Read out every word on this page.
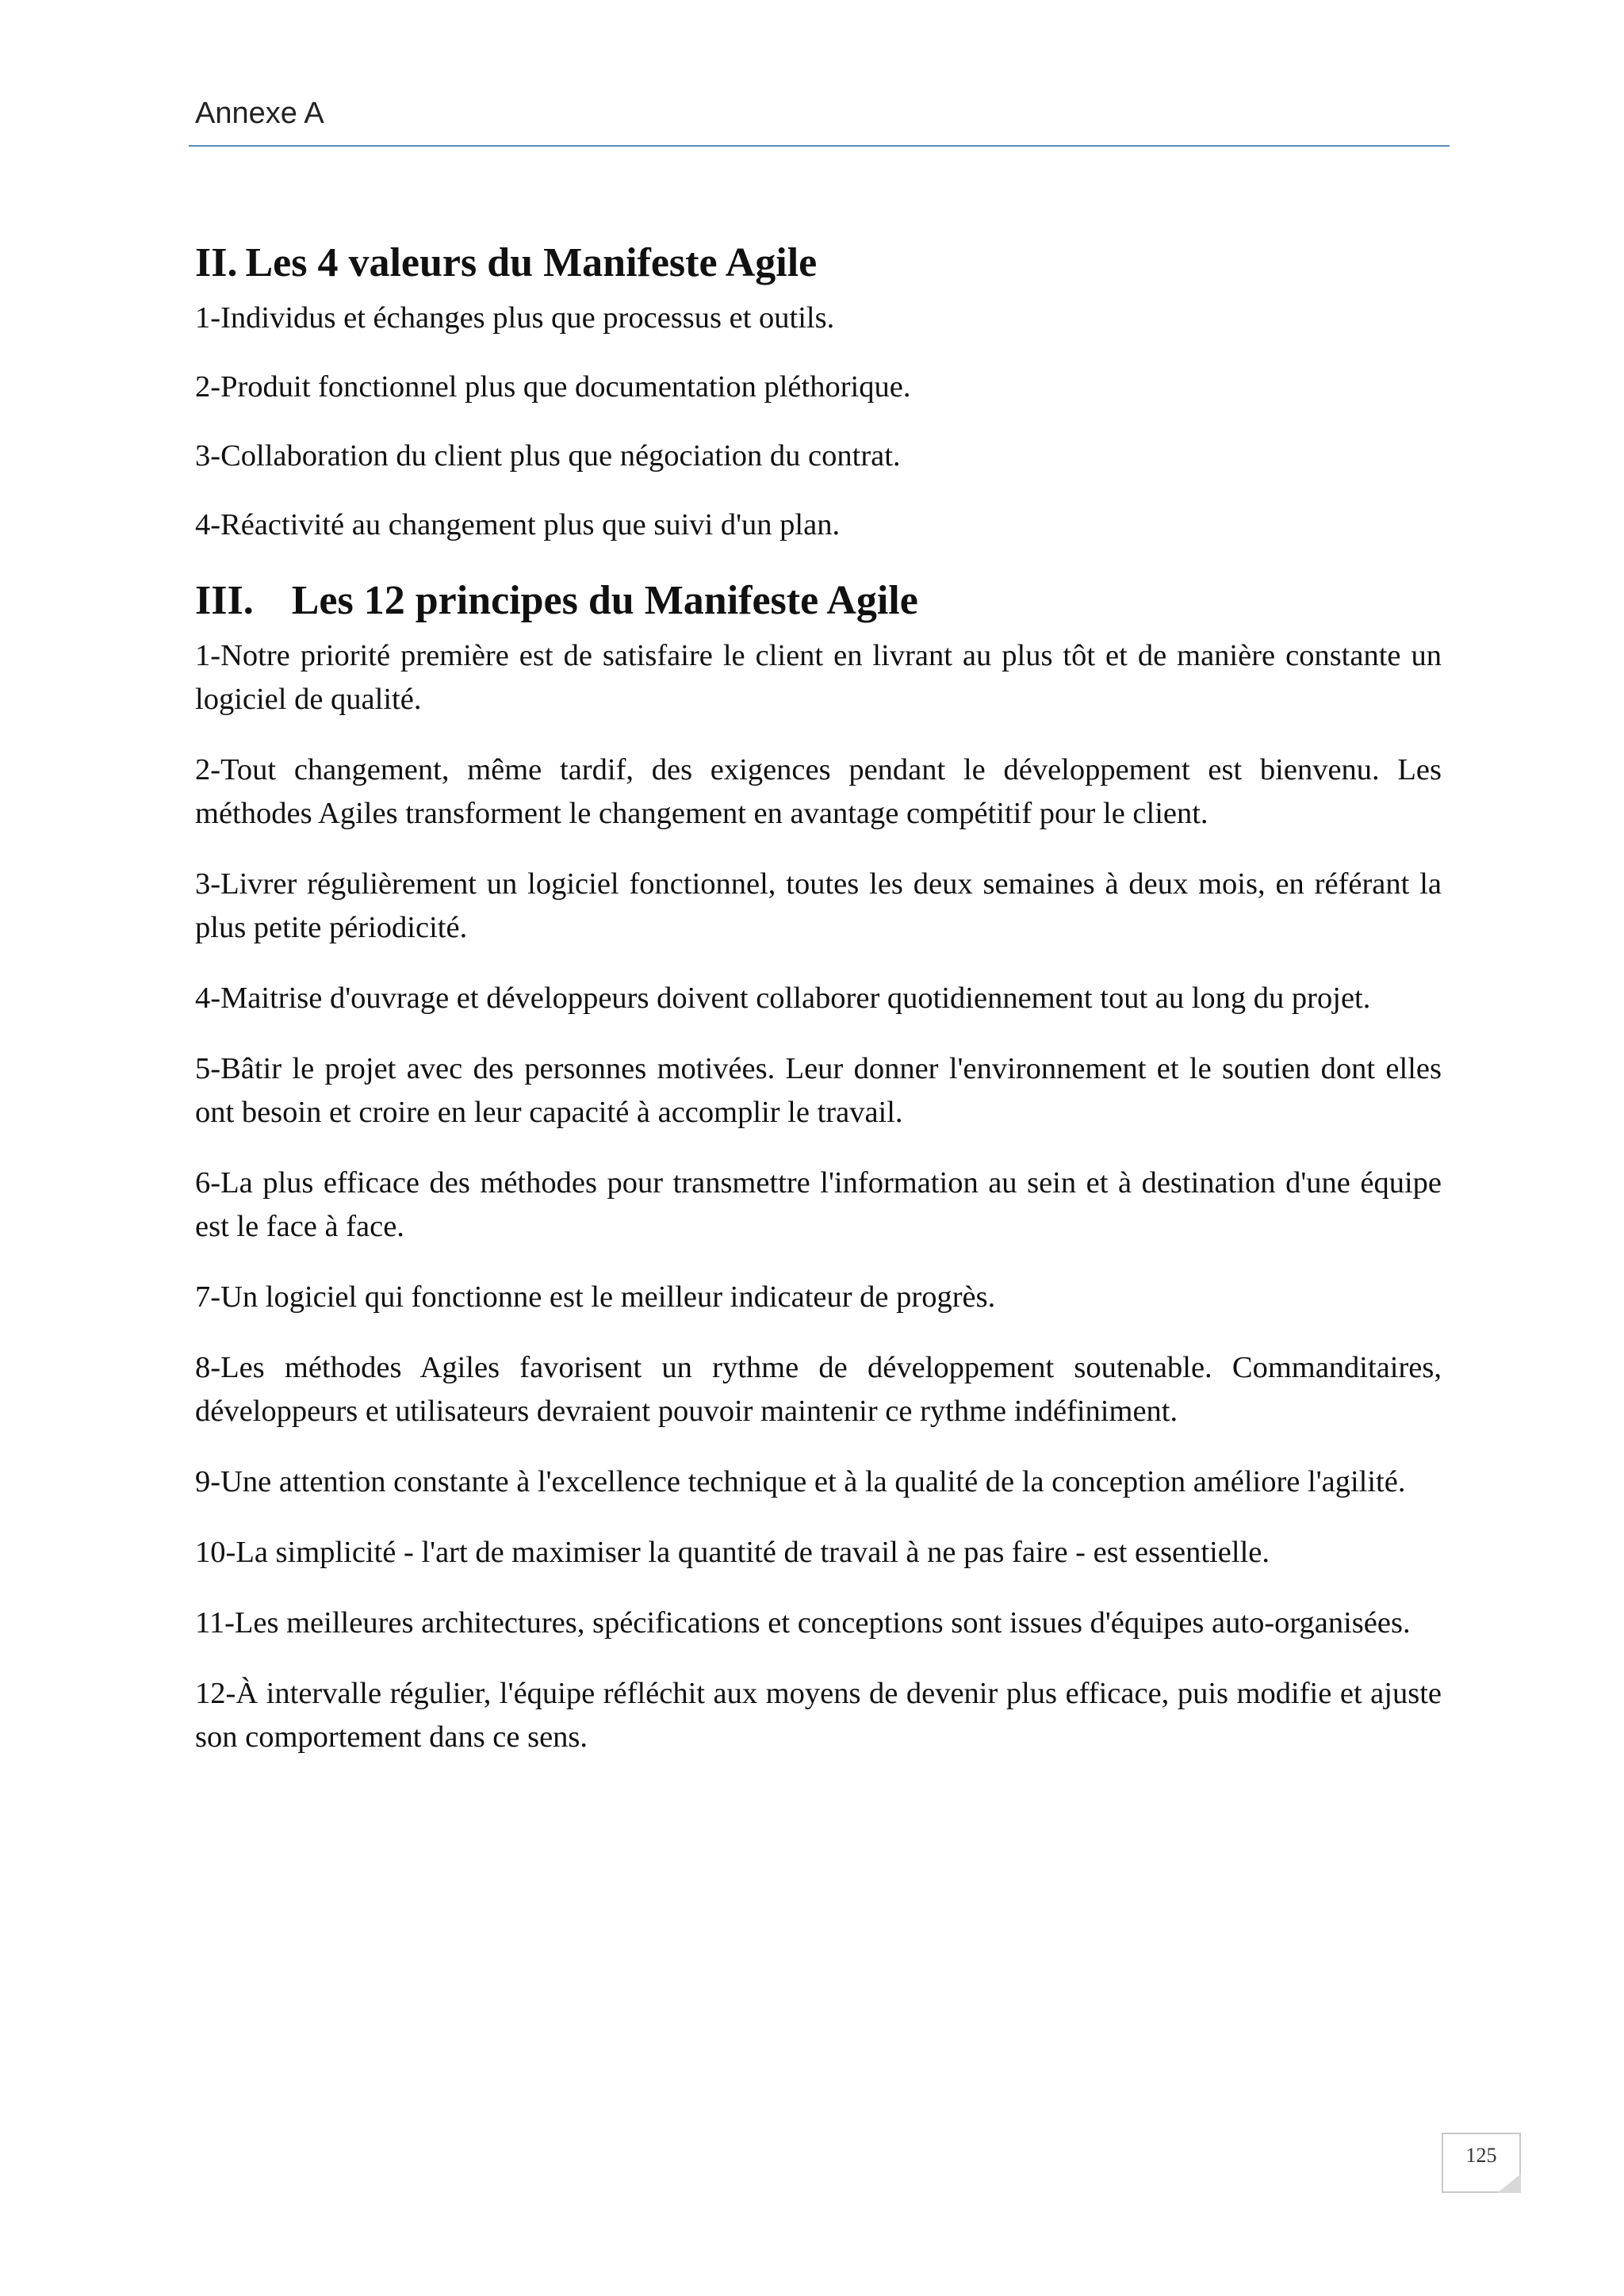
Annexe A

II. Les 4 valeurs du Manifeste Agile

1-Individus et échanges plus que processus et outils.

2-Produit fonctionnel plus que documentation pléthorique.

3-Collaboration du client plus que négociation du contrat.

4-Réactivité au changement plus que suivi d'un plan.

III. Les 12 principes du Manifeste Agile

1-Notre priorité première est de satisfaire le client en livrant au plus tôt et de manière constante un logiciel de qualité.

2-Tout changement, même tardif, des exigences pendant le développement est bienvenu. Les méthodes Agiles transforment le changement en avantage compétitif pour le client.

3-Livrer régulièrement un logiciel fonctionnel, toutes les deux semaines à deux mois, en référant la plus petite périodicité.

4-Maitrise d'ouvrage et développeurs doivent collaborer quotidiennement tout au long du projet.

5-Bâtir le projet avec des personnes motivées. Leur donner l'environnement et le soutien dont elles ont besoin et croire en leur capacité à accomplir le travail.

6-La plus efficace des méthodes pour transmettre l'information au sein et à destination d'une équipe est le face à face.

7-Un logiciel qui fonctionne est le meilleur indicateur de progrès.

8-Les méthodes Agiles favorisent un rythme de développement soutenable. Commanditaires, développeurs et utilisateurs devraient pouvoir maintenir ce rythme indéfiniment.

9-Une attention constante à l'excellence technique et à la qualité de la conception améliore l'agilité.

10-La simplicité - l'art de maximiser la quantité de travail à ne pas faire - est essentielle.

11-Les meilleures architectures, spécifications et conceptions sont issues d'équipes auto-organisées.

12-À intervalle régulier, l'équipe réfléchit aux moyens de devenir plus efficace, puis modifie et ajuste son comportement dans ce sens.

125
